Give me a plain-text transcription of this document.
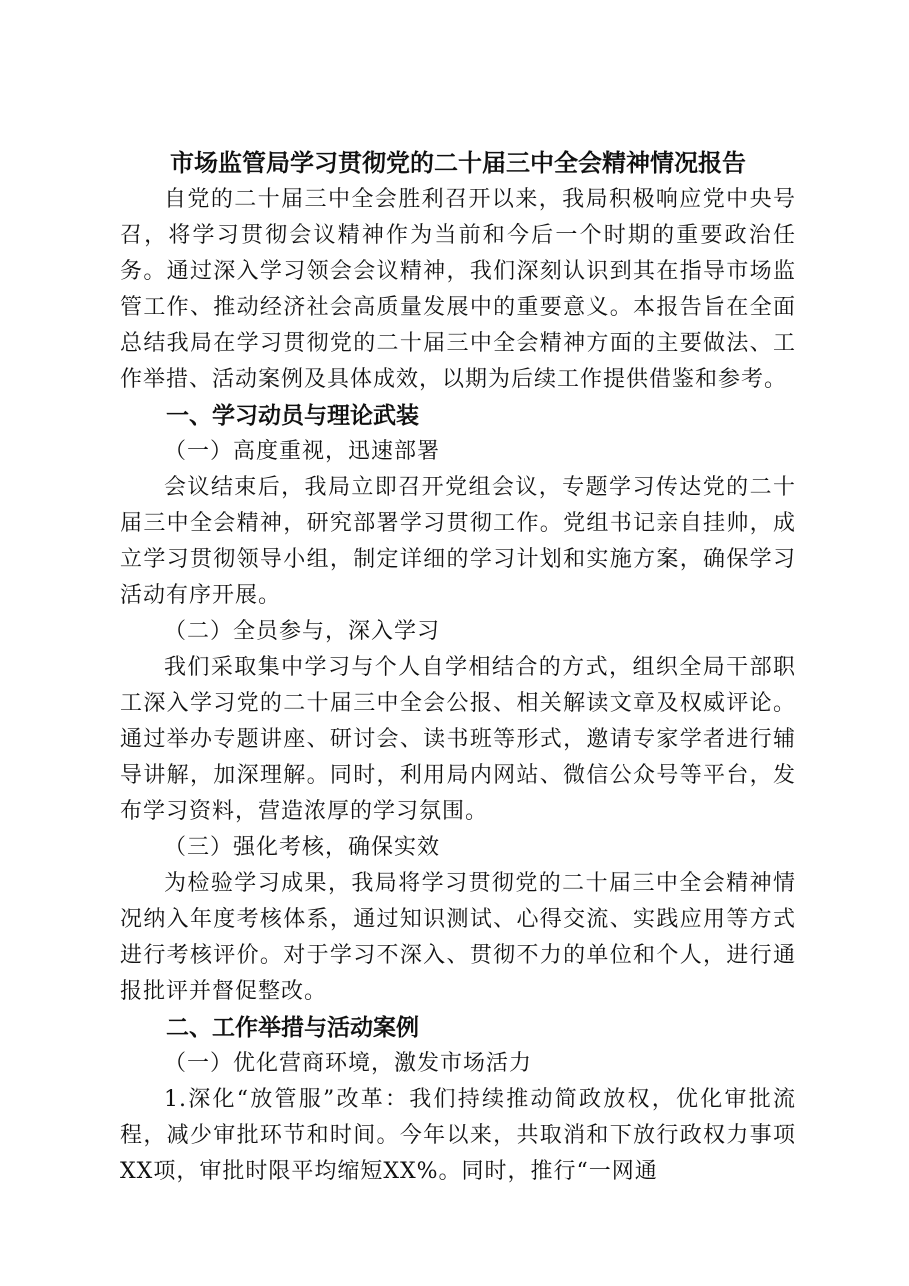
市场监管局学习贯彻党的二十届三中全会精神情况报告

自党的二十届三中全会胜利召开以来，我局积极响应党中央号召，将学习贯彻会议精神作为当前和今后一个时期的重要政治任务。通过深入学习领会会议精神，我们深刻认识到其在指导市场监管工作、推动经济社会高质量发展中的重要意义。本报告旨在全面总结我局在学习贯彻党的二十届三中全会精神方面的主要做法、工作举措、活动案例及具体成效，以期为后续工作提供借鉴和参考。

一、学习动员与理论武装

（一）高度重视，迅速部署

会议结束后，我局立即召开党组会议，专题学习传达党的二十届三中全会精神，研究部署学习贯彻工作。党组书记亲自挂帅，成立学习贯彻领导小组，制定详细的学习计划和实施方案，确保学习活动有序开展。

（二）全员参与，深入学习

我们采取集中学习与个人自学相结合的方式，组织全局干部职工深入学习党的二十届三中全会公报、相关解读文章及权威评论。通过举办专题讲座、研讨会、读书班等形式，邀请专家学者进行辅导讲解，加深理解。同时，利用局内网站、微信公众号等平台，发布学习资料，营造浓厚的学习氛围。

（三）强化考核，确保实效

为检验学习成果，我局将学习贯彻党的二十届三中全会精神情况纳入年度考核体系，通过知识测试、心得交流、实践应用等方式进行考核评价。对于学习不深入、贯彻不力的单位和个人，进行通报批评并督促整改。

二、工作举措与活动案例

（一）优化营商环境，激发市场活力

1.深化“放管服”改革：我们持续推动简政放权，优化审批流程，减少审批环节和时间。今年以来，共取消和下放行政权力事项XX项，审批时限平均缩短XX%。同时，推行“一网通
